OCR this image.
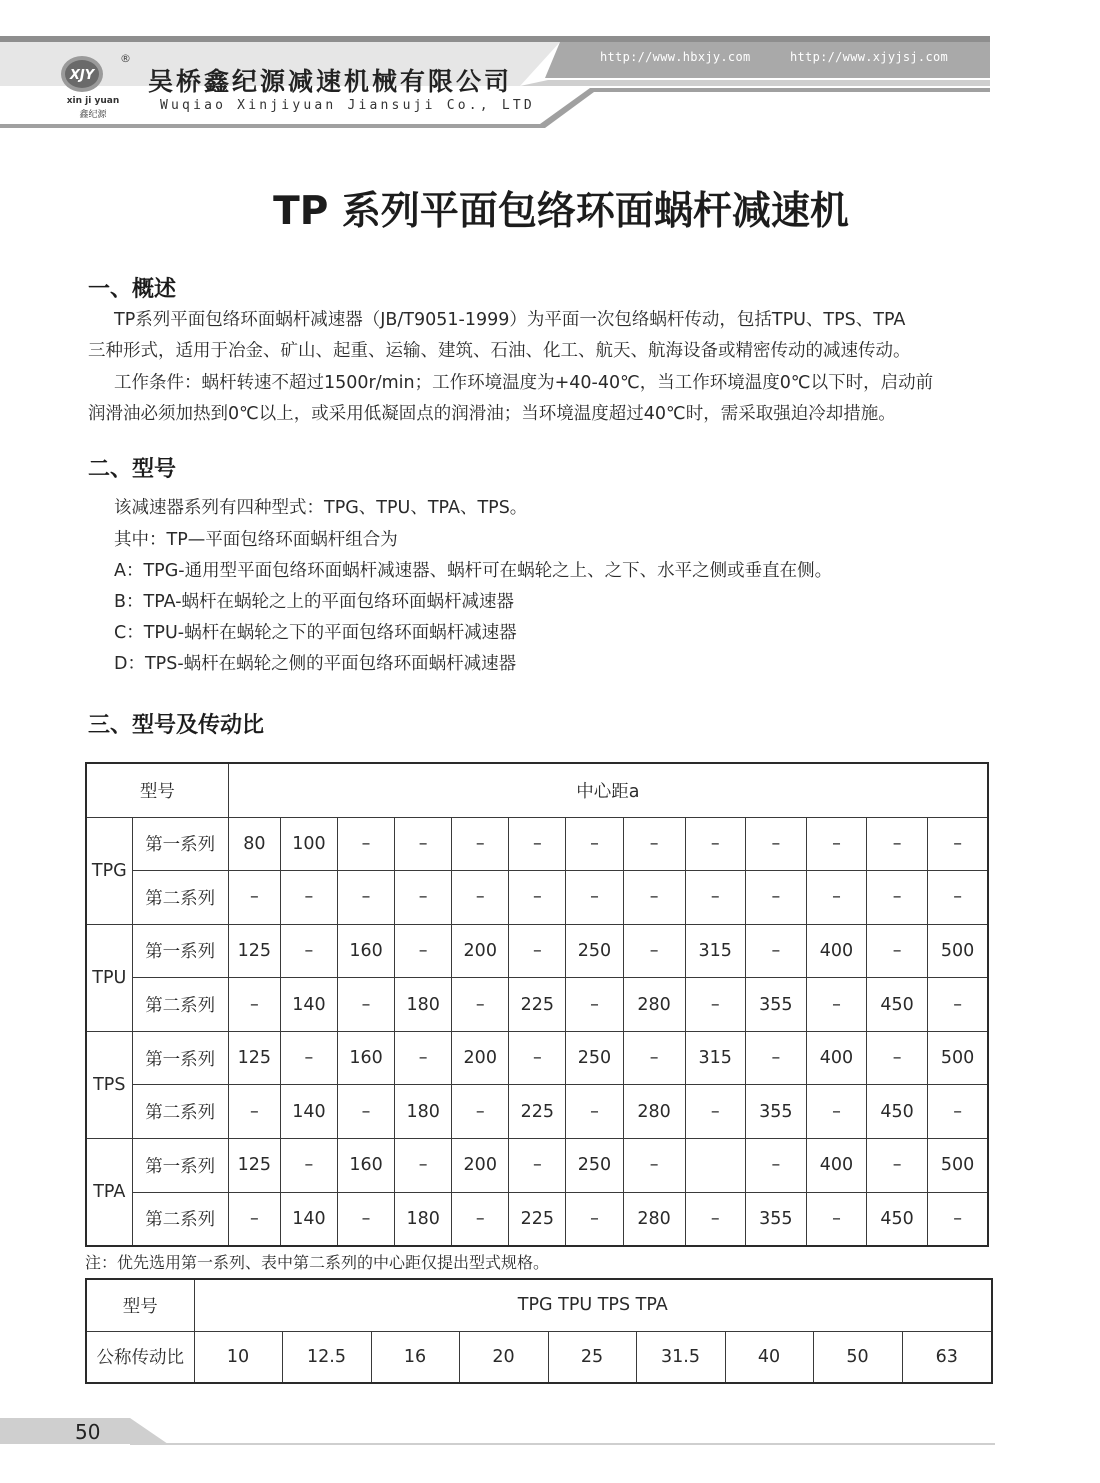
XJY
®
xin ji yuan
鑫纪源
吴桥鑫纪源减速机械有限公司
Wuqiao Xinjiyuan Jiansuji Co., LTD
http://www.hbxjy.com	http://www.xjyjsj.com
TP 系列平面包络环面蜗杆减速机
一、概述
TP系列平面包络环面蜗杆减速器（JB/T9051-1999）为平面一次包络蜗杆传动，包括TPU、TPS、TPA
三种形式，适用于冶金、矿山、起重、运输、建筑、石油、化工、航天、航海设备或精密传动的减速传动。
工作条件：蜗杆转速不超过1500r/min；工作环境温度为+40-40℃，当工作环境温度0℃以下时，启动前
润滑油必须加热到0℃以上，或采用低凝固点的润滑油；当环境温度超过40℃时，需采取强迫冷却措施。
二、型号
该减速器系列有四种型式：TPG、TPU、TPA、TPS。
其中：TP—平面包络环面蜗杆组合为
A：TPG-通用型平面包络环面蜗杆减速器、蜗杆可在蜗轮之上、之下、水平之侧或垂直在侧。
B：TPA-蜗杆在蜗轮之上的平面包络环面蜗杆减速器
C：TPU-蜗杆在蜗轮之下的平面包络环面蜗杆减速器
D：TPS-蜗杆在蜗轮之侧的平面包络环面蜗杆减速器
三、型号及传动比
型号		中心距a												
TPG	第一系列	80	100	–	–	–	–	–	–	–	–	–	–	–
	第二系列	–	–	–	–	–	–	–	–	–	–	–	–	–
TPU	第一系列	125	–	160	–	200	–	250	–	315	–	400	–	500
	第二系列	–	140	–	180	–	225	–	280	–	355	–	450	–
TPS	第一系列	125	–	160	–	200	–	250	–	315	–	400	–	500
	第二系列	–	140	–	180	–	225	–	280	–	355	–	450	–
TPA	第一系列	125	–	160	–	200	–	250	–		–	400	–	500
	第二系列	–	140	–	180	–	225	–	280	–	355	–	450	–
注：优先选用第一系列、表中第二系列的中心距仅提出型式规格。
型号	TPG TPU TPS TPA								
公称传动比	10	12.5	16	20	25	31.5	40	50	63
50
